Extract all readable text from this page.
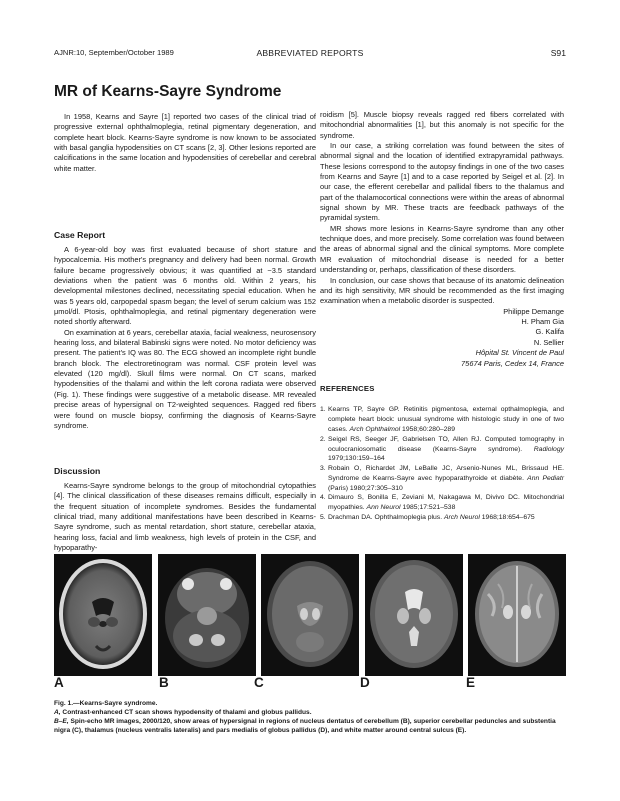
AJNR:10, September/October 1989	ABBREVIATED REPORTS	S91
MR of Kearns-Sayre Syndrome

In 1958, Kearns and Sayre [1] reported two cases of the clinical triad of progressive external ophthalmoplegia, retinal pigmentary degeneration, and complete heart block. Kearns-Sayre syndrome is now known to be associated with basal ganglia hypodensities on CT scans [2, 3]. Other lesions reported are calcifications in the same location and hypodensities of cerebellar and cerebral white matter.

Case Report

A 6-year-old boy was first evaluated because of short stature and hypocalcemia. His mother's pregnancy and delivery had been normal. Growth failure became progressively obvious; it was quantified at −3.5 standard deviations when the patient was 6 months old. Within 2 years, his developmental milestones declined, necessitating special education. When he was 5 years old, carpopedal spasm began; the level of serum calcium was 152 μmol/dl. Ptosis, ophthalmoplegia, and retinal pigmentary degeneration were noted shortly afterward.

On examination at 6 years, cerebellar ataxia, facial weakness, neurosensory hearing loss, and bilateral Babinski signs were noted. No motor deficiency was present. The patient's IQ was 80. The ECG showed an incomplete right bundle branch block. The electroretinogram was normal. CSF protein level was elevated (120 mg/dl). Skull films were normal. On CT scans, marked hypodensities of the thalami and within the left corona radiata were observed (Fig. 1). These findings were suggestive of a metabolic disease. MR revealed precise areas of hypersignal on T2-weighted sequences. Ragged red fibers were found on muscle biopsy, confirming the diagnosis of Kearns-Sayre syndrome.

Discussion

Kearns-Sayre syndrome belongs to the group of mitochondrial cytopathies [4]. The clinical classification of these diseases remains difficult, especially in the frequent situation of incomplete syndromes. Besides the fundamental clinical triad, many additional manifestations have been described in Kearns-Sayre syndrome, such as mental retardation, short stature, cerebellar ataxia, hearing loss, facial and limb weakness, high levels of protein in the CSF, and hypoparathy-

roidism [5]. Muscle biopsy reveals ragged red fibers correlated with mitochondrial abnormalities [1], but this anomaly is not specific for the syndrome.

In our case, a striking correlation was found between the sites of abnormal signal and the location of identified extrapyramidal pathways. These lesions correspond to the autopsy findings in one of the two cases from Kearns and Sayre [1] and to a case reported by Seigel et al. [2]. In our case, the efferent cerebellar and pallidal fibers to the thalamus and part of the thalamocortical connections were within the areas of abnormal signal shown by MR. These tracts are feedback pathways of the pyramidal system.

MR shows more lesions in Kearns-Sayre syndrome than any other technique does, and more precisely. Some correlation was found between the areas of abnormal signal and the clinical symptoms. More complete MR evaluation of mitochondrial disease is needed for a better understanding or, perhaps, classification of these disorders.

In conclusion, our case shows that because of its anatomic delineation and its high sensitivity, MR should be recommended as the first imaging examination when a metabolic disorder is suspected.

Philippe Demange
H. Pham Gia
G. Kalifa
N. Sellier
Hôpital St. Vincent de Paul
75674 Paris, Cedex 14, France
REFERENCES
1. Kearns TP, Sayre GP. Retinitis pigmentosa, external opthalmoplegia, and complete heart block: unusual syndrome with histologic study in one of two cases. Arch Ophthalmol 1958;60:280–289
2. Seigel RS, Seeger JF, Gabrielsen TO, Allen RJ. Computed tomography in oculocraniosomatic disease (Kearns-Sayre syndrome). Radiology 1979;130:159–164
3. Robain O, Richardet JM, LeBalle JC, Arsenio-Nunes ML, Brissaud HE. Syndrome de Kearns-Sayre avec hypoparathyroide et diabète. Ann Pediatr (Paris) 1980;27:305–310
4. Dimauro S, Bonilla E, Zeviani M, Nakagawa M, Divivo DC. Mitochondrial myopathies. Ann Neurol 1985;17:521–538
5. Drachman DA. Ophthalmoplegia plus. Arch Neurol 1968;18:654–675
A	B	C	D	E

Fig. 1.—Kearns-Sayre syndrome.

A, Contrast-enhanced CT scan shows hypodensity of thalami and globus pallidus.

B–E, Spin-echo MR images, 2000/120, show areas of hypersignal in regions of nucleus dentatus of cerebellum (B), superior cerebellar peduncles and substentia nigra (C), thalamus (nucleus ventralis lateralis) and pars medialis of globus pallidus (D), and white matter around central sulcus (E).
